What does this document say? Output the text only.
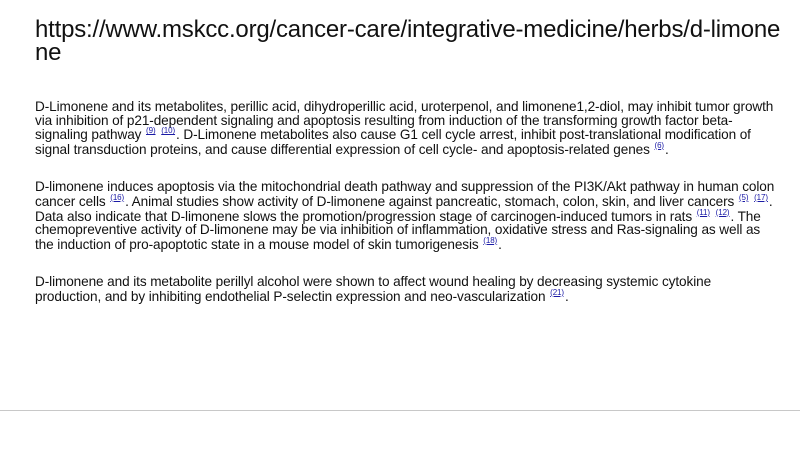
https://www.mskcc.org/cancer-care/integrative-medicine/herbs/d-limonene

D-Limonene and its metabolites, perillic acid, dihydroperillic acid, uroterpenol, and limonene1,2-diol, may inhibit tumor growth via inhibition of p21-dependent signaling and apoptosis resulting from induction of the transforming growth factor beta-signaling pathway $^{(9)}$ $^{(10)}$. D-Limonene metabolites also cause G1 cell cycle arrest, inhibit post-translational modification of signal transduction proteins, and cause differential expression of cell cycle- and apoptosis-related genes $^{(6)}$.

D-limonene induces apoptosis via the mitochondrial death pathway and suppression of the PI3K/Akt pathway in human colon cancer cells $^{(16)}$. Animal studies show activity of D-limonene against pancreatic, stomach, colon, skin, and liver cancers $^{(5)}$ $^{(17)}$. Data also indicate that D-limonene slows the promotion/progression stage of carcinogen-induced tumors in rats $^{(11)}$ $^{(12)}$. The chemopreventive activity of D-limonene may be via inhibition of inflammation, oxidative stress and Ras-signaling as well as the induction of pro-apoptotic state in a mouse model of skin tumorigenesis $^{(18)}$.

D-limonene and its metabolite perillyl alcohol were shown to affect wound healing by decreasing systemic cytokine production, and by inhibiting endothelial P-selectin expression and neo-vascularization $^{(21)}$.
